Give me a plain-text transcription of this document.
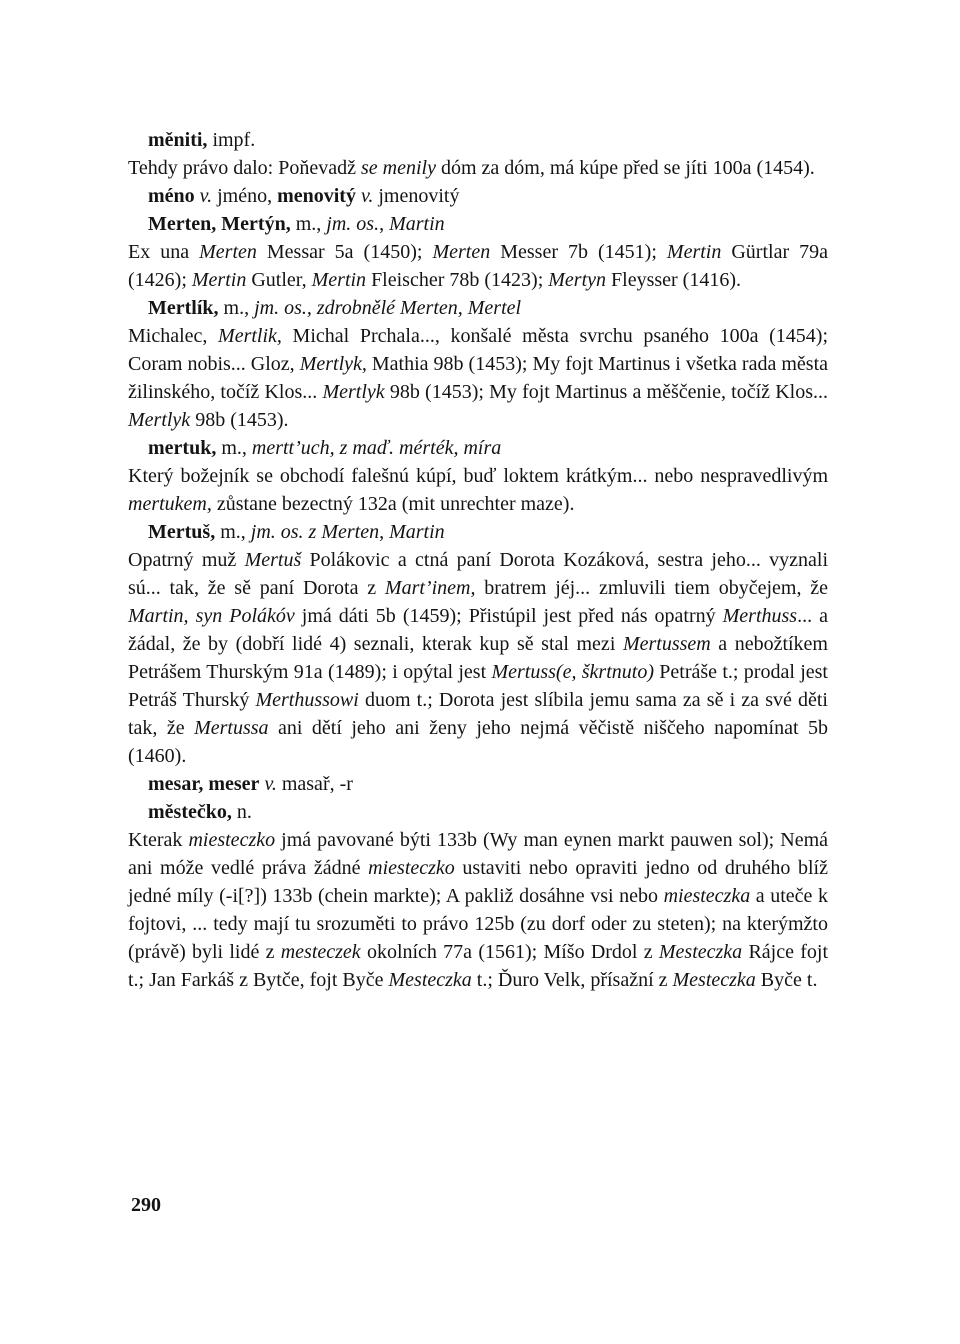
měniti, impf.

Tehdy právo dalo: Poňevadž se menily dóm za dóm, má kúpe před se jíti 100a (1454).

méno v. jméno, menovitý v. jmenovitý

Merten, Mertýn, m., jm. os., Martin

Ex una Merten Messar 5a (1450); Merten Messer 7b (1451); Mertin Gürtlar 79a (1426); Mertin Gutler, Mertin Fleischer 78b (1423); Mertyn Fleysser (1416).

Mertlík, m., jm. os., zdrobnělé Merten, Mertel

Michalec, Mertlik, Michal Prchala..., konšalé města svrchu psaného 100a (1454); Coram nobis... Gloz, Mertlyk, Mathia 98b (1453); My fojt Martinus i všetka rada města žilinského, točíž Klos... Mertlyk 98b (1453); My fojt Martinus a měščenie, točíž Klos... Mertlyk 98b (1453).

mertuk, m., mertt’uch, z maď. mérték, míra

Který božejník se obchodí falešnú kúpí, buď loktem krátkým... nebo nespravedlivým mertukem, zůstane bezectný 132a (mit unrechter maze).

Mertuš, m., jm. os. z Merten, Martin

Opatrný muž Mertuš Polákovic a ctná paní Dorota Kozáková, sestra jeho... vyznali sú... tak, že sě paní Dorota z Mart’inem, bratrem jéj... zmluvili tiem obyčejem, že Martin, syn Polákóv jmá dáti 5b (1459); Přistúpil jest před nás opatrný Merthuss... a žádal, že by (dobří lidé 4) seznali, kterak kup sě stal mezi Mertussem a nebožtíkem Petrášem Thurským 91a (1489); i opýtal jest Mertuss(e, škrtnuto) Petráše t.; prodal jest Petráš Thurský Merthussowi duom t.; Dorota jest slíbila jemu sama za sě i za své děti tak, že Mertussa ani dětí jeho ani ženy jeho nejmá věčistě niščeho napomínat 5b (1460).

mesar, meser v. masař, -r

městečko, n.

Kterak miesteczko jmá pavované býti 133b (Wy man eynen markt pauwen sol); Nemá ani móže vedlé práva žádné miesteczko ustaviti nebo opraviti jedno od druhého blíž jedné míly (-i[?]) 133b (chein markte); A pakliž dosáhne vsi nebo miesteczka a uteče k fojtovi, ... tedy mají tu srozuměti to právo 125b (zu dorf oder zu steten); na kterýmžto (právě) byli lidé z mesteczek okolních 77a (1561); Míšo Drdol z Mesteczka Rájce fojt t.; Jan Farkáš z Bytče, fojt Byče Mesteczka t.; Ďuro Velk, přísažní z Mesteczka Byče t.

290
